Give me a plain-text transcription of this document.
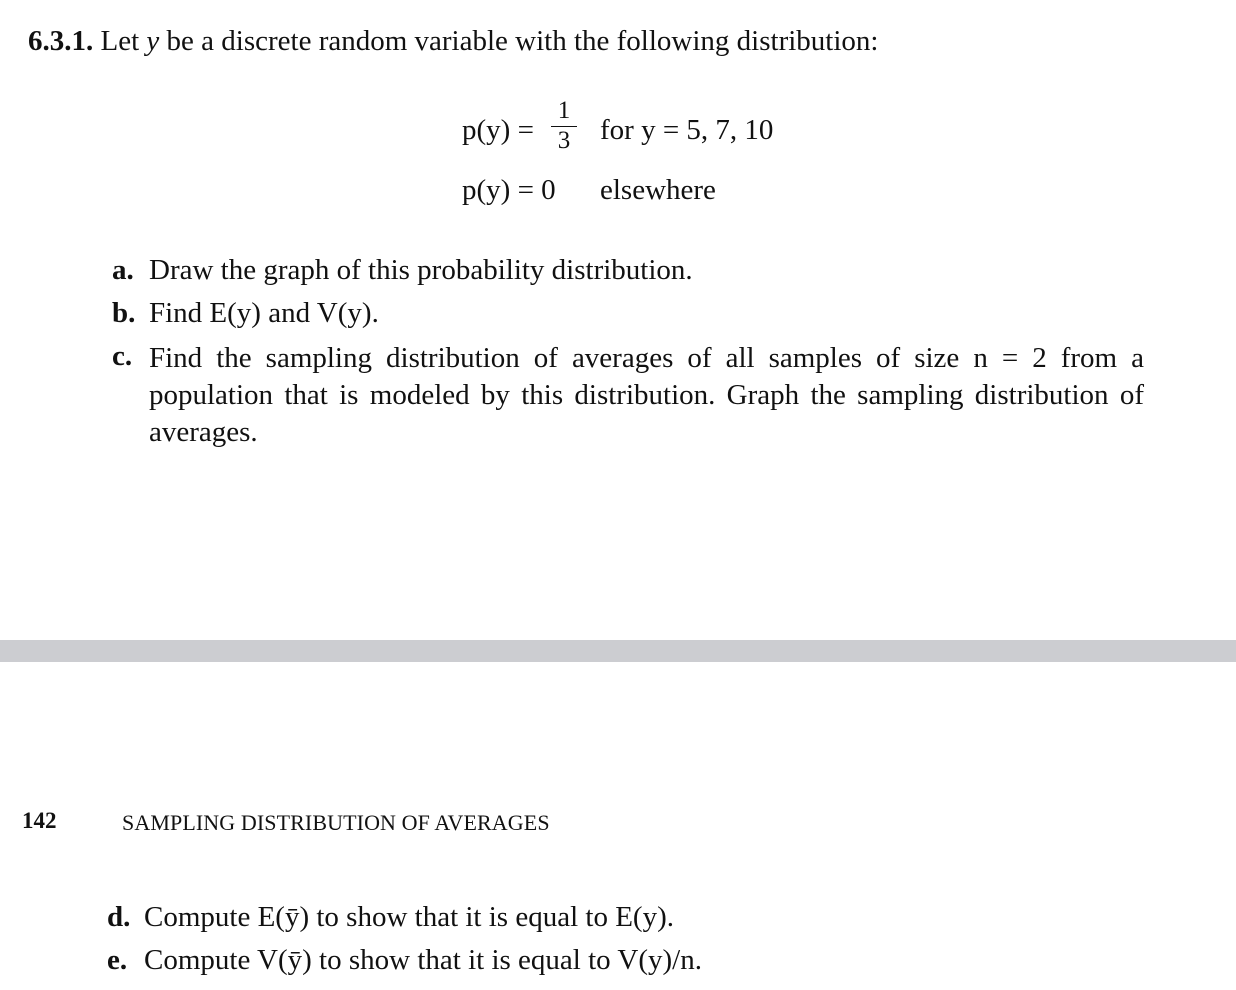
6.3.1. Let y be a discrete random variable with the following distribution:
p(y) =
1
3 for y = 5, 7, 10
p(y) = 0 elsewhere
a. Draw the graph of this probability distribution.
b. Find E(y) and V(y).
c. Find the sampling distribution of averages of all samples of size n = 2 from a population that is modeled by this distribution. Graph the sampling distribution of averages.
142	SAMPLING DISTRIBUTION OF AVERAGES
d. Compute E(ȳ) to show that it is equal to E(y).
e. Compute V(ȳ) to show that it is equal to V(y)/n.
